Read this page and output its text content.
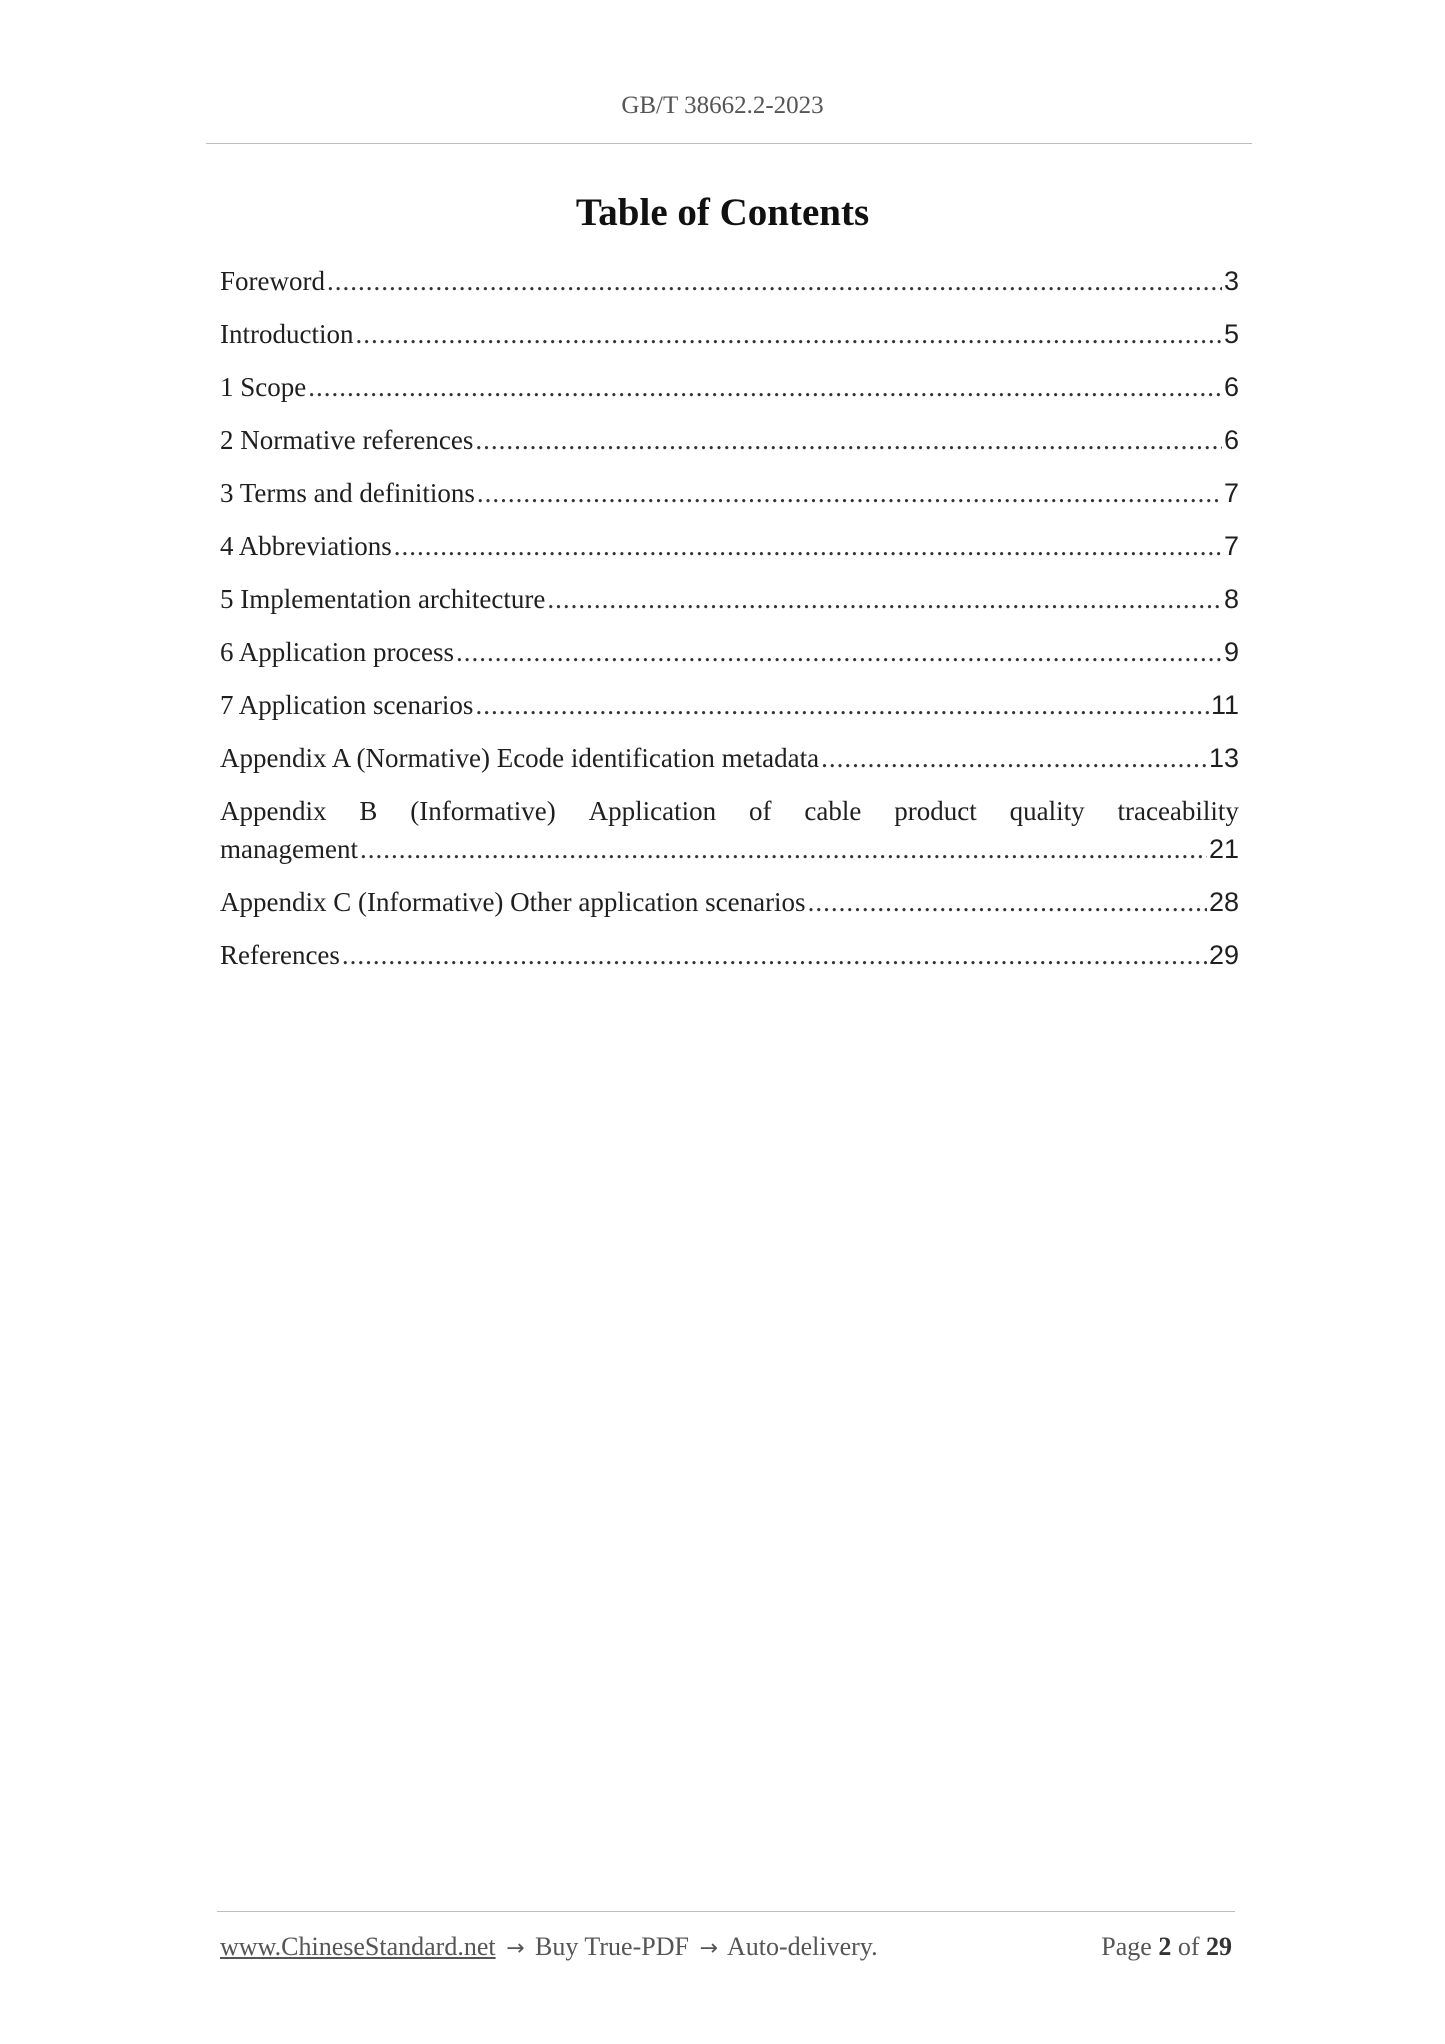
GB/T 38662.2-2023
Table of Contents
Foreword .....	3
Introduction .....	5
1 Scope .....	6
2 Normative references .....	6
3 Terms and definitions .....	7
4 Abbreviations .....	7
5 Implementation architecture .....	8
6 Application process .....	9
7 Application scenarios .....	11
Appendix A (Normative) Ecode identification metadata .....	13
Appendix B (Informative) Application of cable product quality traceability
management .....	21
Appendix C (Informative) Other application scenarios .....	28
References .....	29
www.ChineseStandard.net → Buy True-PDF → Auto-delivery.	Page 2 of 29
